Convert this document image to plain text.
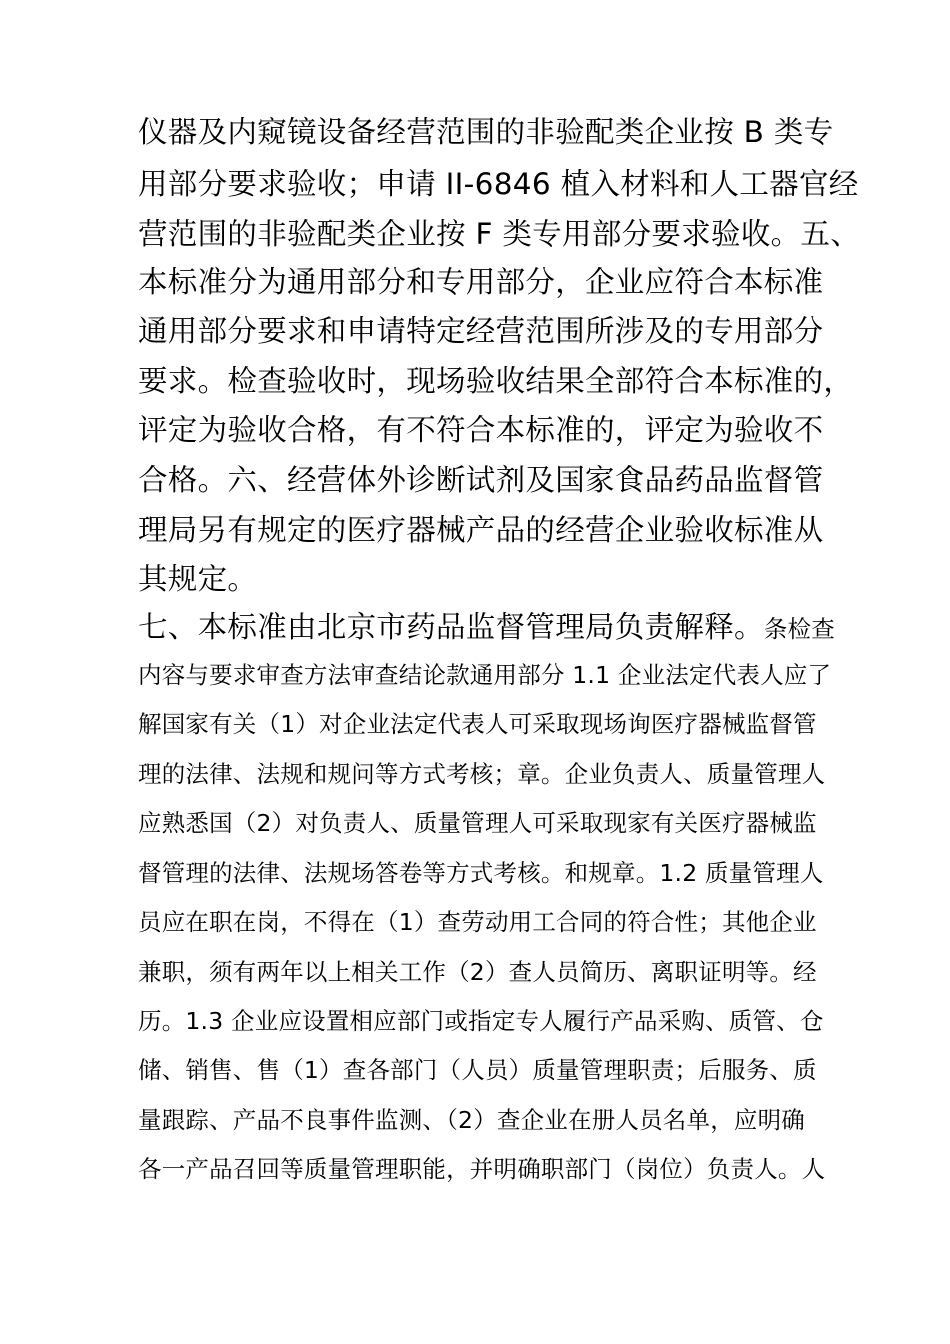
仪器及内窥镜设备经营范围的非验配类企业按 B 类专

用部分要求验收；申请 II-6846 植入材料和人工器官经

营范围的非验配类企业按 F 类专用部分要求验收。五、

本标准分为通用部分和专用部分，企业应符合本标准

通用部分要求和申请特定经营范围所涉及的专用部分

要求。检查验收时，现场验收结果全部符合本标准的，

评定为验收合格，有不符合本标准的，评定为验收不

合格。六、经营体外诊断试剂及国家食品药品监督管

理局另有规定的医疗器械产品的经营企业验收标准从

其规定。

七、本标准由北京市药品监督管理局负责解释。条检查

内容与要求审查方法审查结论款通用部分 1.1 企业法定代表人应了

解国家有关（1）对企业法定代表人可采取现场询医疗器械监督管

理的法律、法规和规问等方式考核；章。企业负责人、质量管理人

应熟悉国（2）对负责人、质量管理人可采取现家有关医疗器械监

督管理的法律、法规场答卷等方式考核。和规章。1.2 质量管理人

员应在职在岗，不得在（1）查劳动用工合同的符合性；其他企业

兼职，须有两年以上相关工作（2）查人员简历、离职证明等。经

历。1.3 企业应设置相应部门或指定专人履行产品采购、质管、仓

储、销售、售（1）查各部门（人员）质量管理职责；后服务、质

量跟踪、产品不良事件监测、（2）查企业在册人员名单，应明确

各一产品召回等质量管理职能，并明确职部门（岗位）负责人。人
